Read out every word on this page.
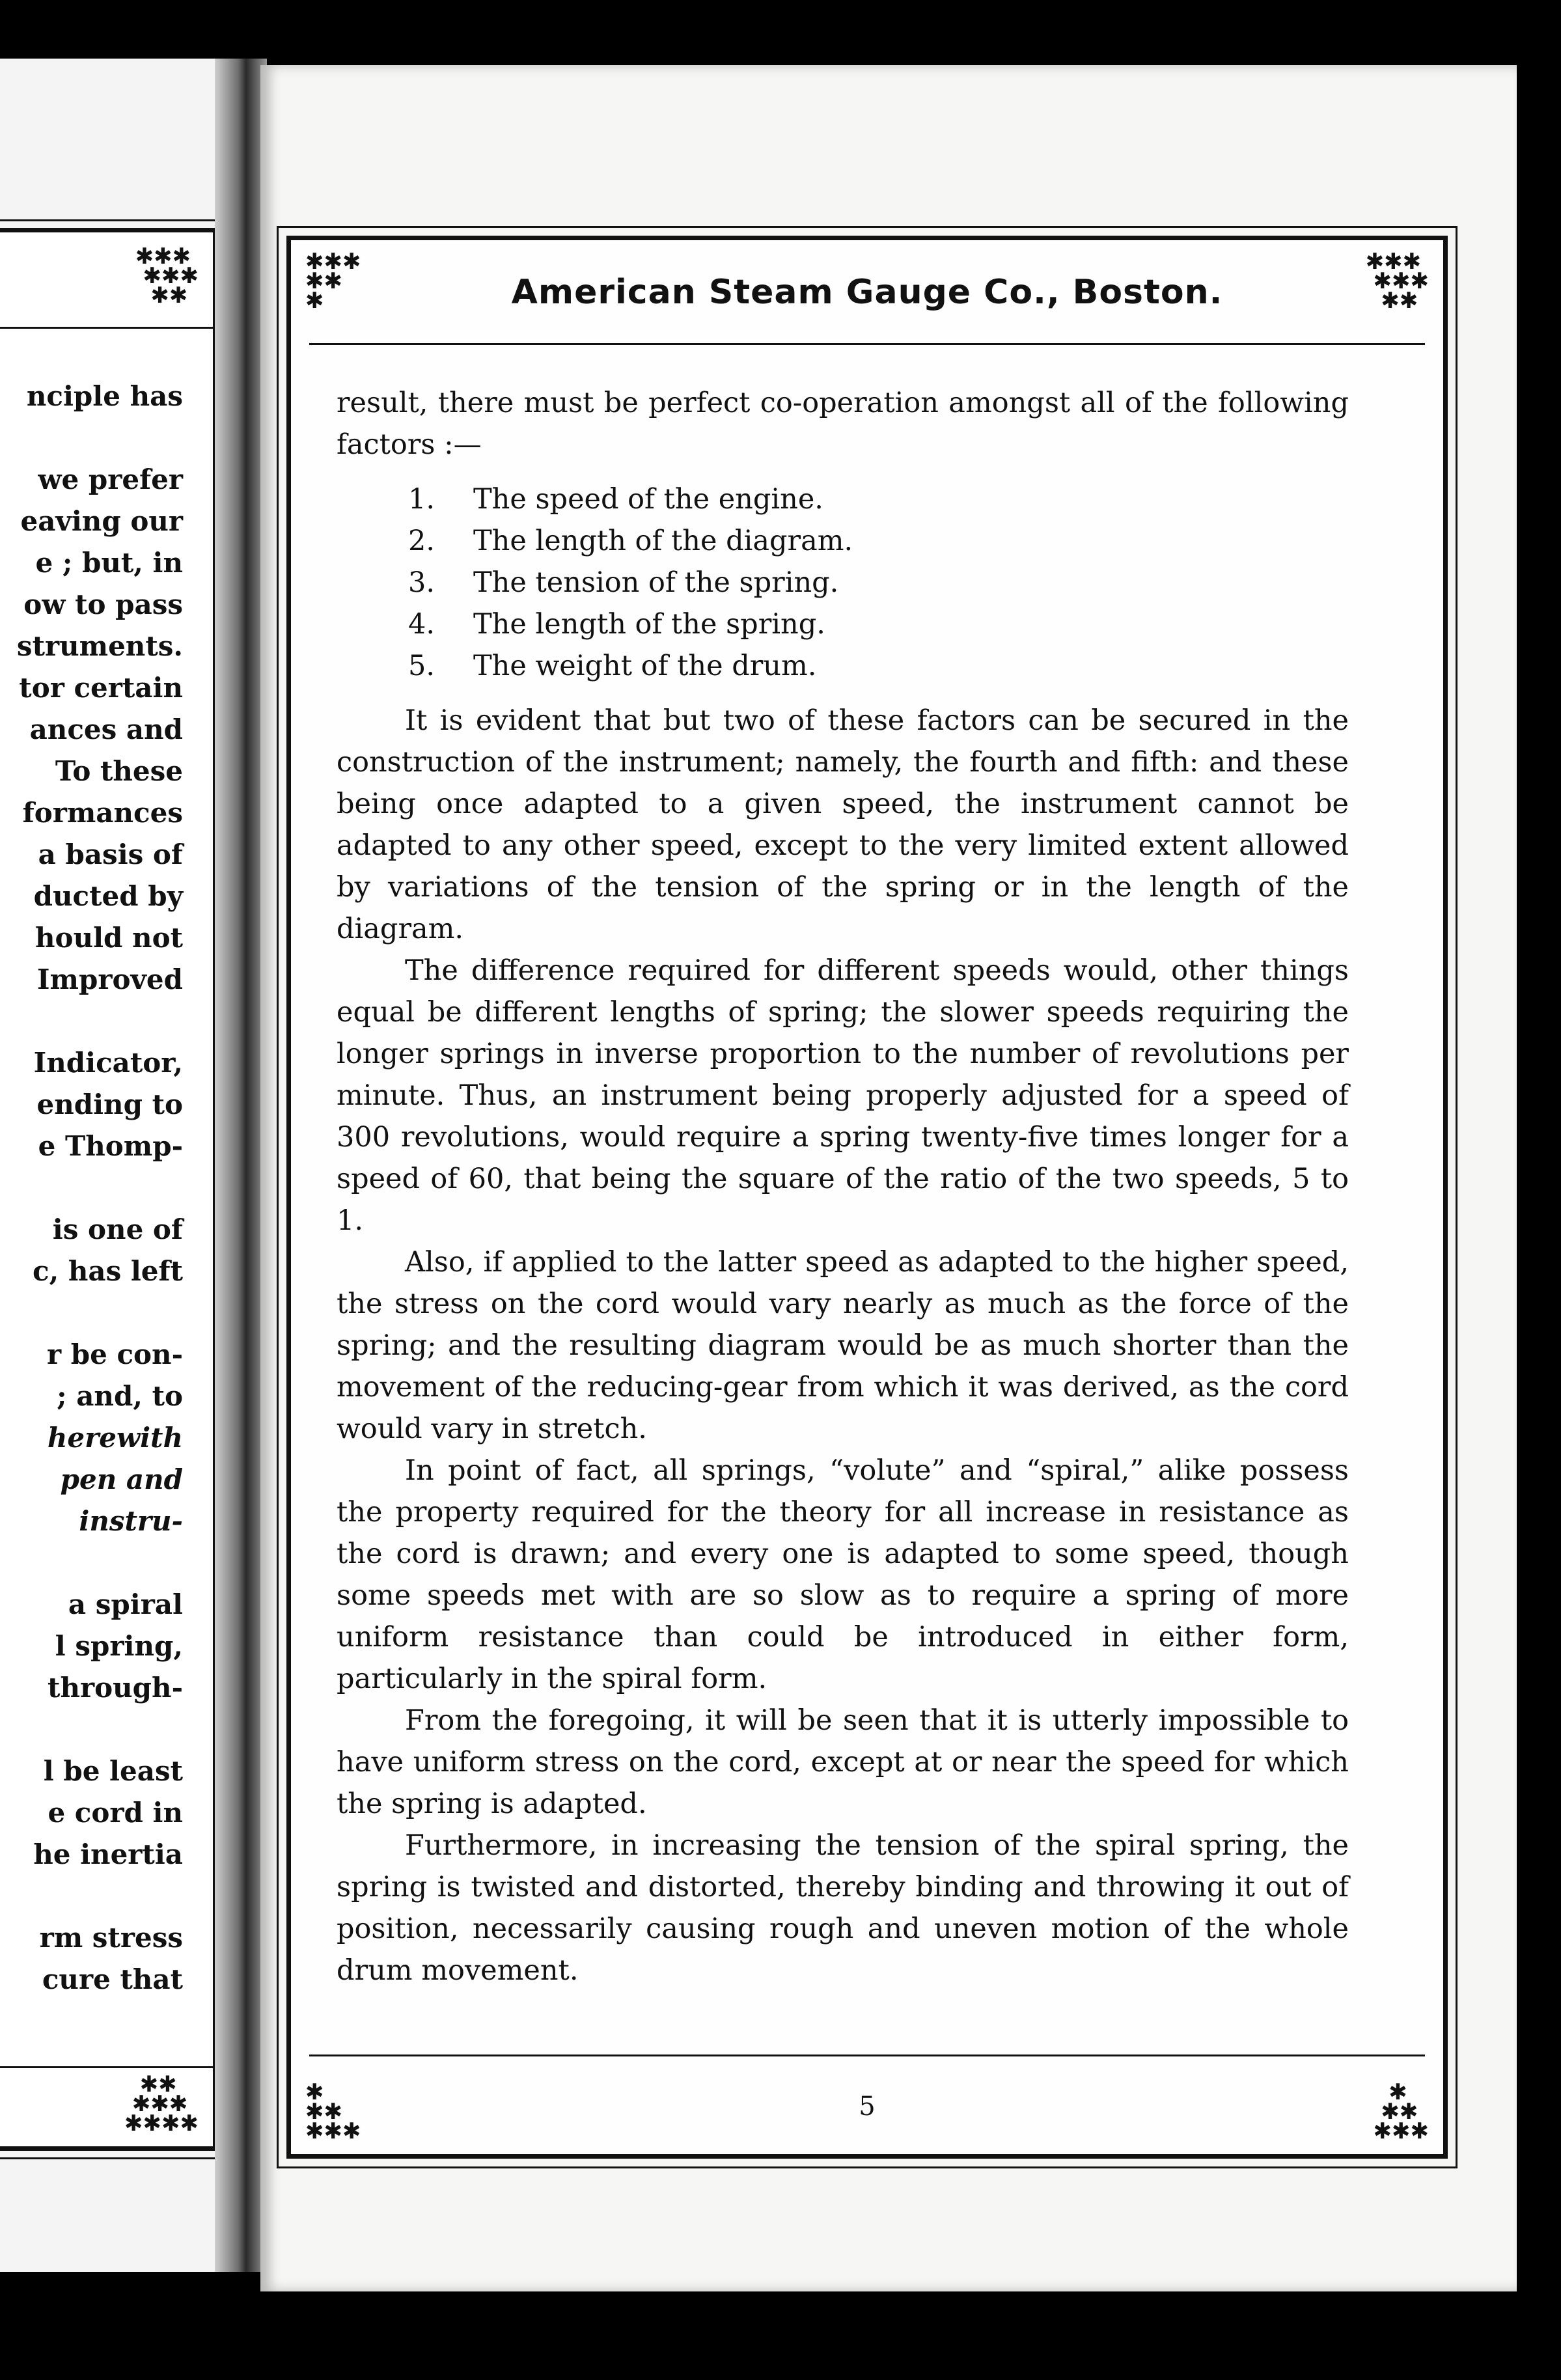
✱✱✱
✱✱✱
✱✱
nciple has
we prefer
eaving our
e ; but, in
ow to pass
struments.
tor certain
ances and
To these
formances
a basis of
ducted by
hould not
Improved
Indicator,
ending to
e Thomp-
is one of
c, has left
r be con-
; and, to
herewith
pen and
instru-
a spiral
l spring,
through-
l be least
e cord in
he inertia
rm stress
cure that
✱✱
✱✱✱
✱✱✱✱
✱✱✱
✱✱
✱	American Steam Gauge Co., Boston.
✱✱✱
✱✱✱
✱✱

result, there must be perfect co-operation amongst all of the following factors :—

1.	The speed of the engine.
2.	The length of the diagram.
3.	The tension of the spring.
4.	The length of the spring.
5.	The weight of the drum.

It is evident that but two of these factors can be secured in the construction of the instrument; namely, the fourth and fifth: and these being once adapted to a given speed, the instrument cannot be adapted to any other speed, except to the very limited extent allowed by variations of the tension of the spring or in the length of the diagram.

The difference required for different speeds would, other things equal be different lengths of spring; the slower speeds requiring the longer springs in inverse proportion to the number of revolutions per minute. Thus, an instrument being properly adjusted for a speed of 300 revolutions, would require a spring twenty-five times longer for a speed of 60, that being the square of the ratio of the two speeds, 5 to 1.

Also, if applied to the latter speed as adapted to the higher speed, the stress on the cord would vary nearly as much as the force of the spring; and the resulting diagram would be as much shorter than the movement of the reducing-gear from which it was derived, as the cord would vary in stretch.

In point of fact, all springs, “volute” and “spiral,” alike possess the property required for the theory for all increase in resistance as the cord is drawn; and every one is adapted to some speed, though some speeds met with are so slow as to require a spring of more uniform resistance than could be introduced in either form, particularly in the spiral form.

From the foregoing, it will be seen that it is utterly impossible to have uniform stress on the cord, except at or near the speed for which the spring is adapted.

Furthermore, in increasing the tension of the spiral spring, the spring is twisted and distorted, thereby binding and throwing it out of position, necessarily causing rough and uneven motion of the whole drum movement.

✱
✱✱
✱✱✱
5	✱
✱✱
✱✱✱
